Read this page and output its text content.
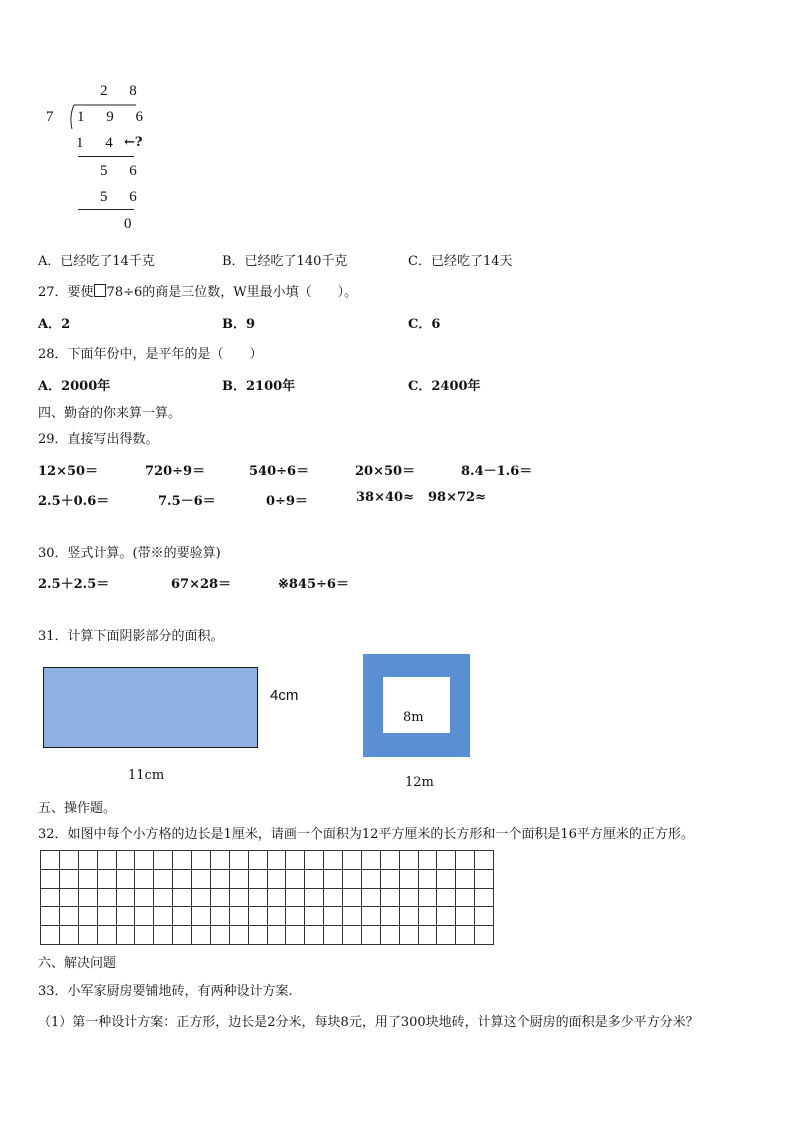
2 8
7 1 9 6
1 4 ←?
5 6
5 6
0
A．已经吃了14千克	B．已经吃了140千克	C．已经吃了14天
27．要使 78÷6的商是三位数，W里最小填（　　）。
A．2	B．9	C．6
28．下面年份中，是平年的是（　　）
A．2000年	B．2100年	C．2400年
四、勤奋的你来算一算。
29．直接写出得数。
12×50＝	720÷9＝	540÷6＝	20×50＝	8.4－1.6＝
2.5＋0.6＝	7.5－6＝	0÷9＝	38×40≈ 98×72≈
30．竖式计算。(带※的要验算)
2.5＋2.5＝	67×28＝	※845÷6＝
31．计算下面阴影部分的面积。
4cm
11cm
8m
12m
五、操作题。
32．如图中每个小方格的边长是1厘米，请画一个面积为12平方厘米的长方形和一个面积是16平方厘米的正方形。
六、解决问题
33．小军家厨房要铺地砖，有两种设计方案.
（1）第一种设计方案：正方形，边长是2分米，每块8元，用了300块地砖，计算这个厨房的面积是多少平方分米？
